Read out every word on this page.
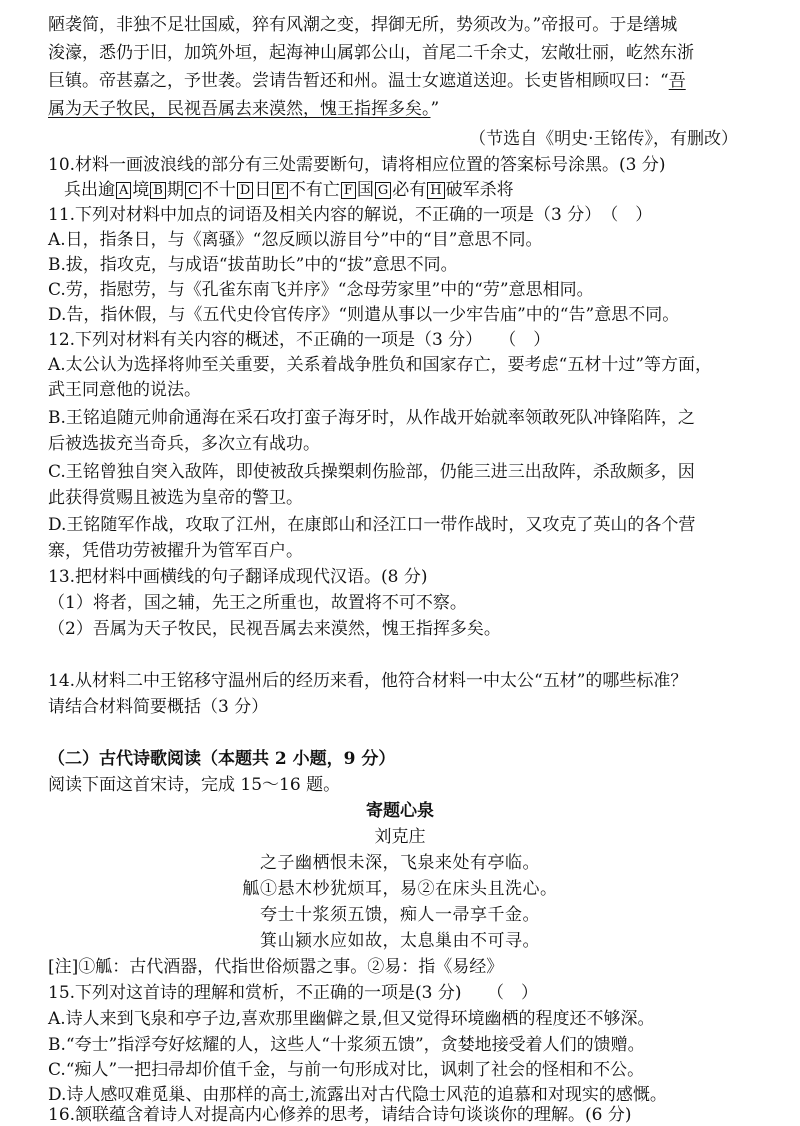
陋袭简，非独不足壮国威，猝有风潮之变，捍御无所，势须改为。”帝报可。于是缮城
浚濠，悉仍于旧，加筑外垣，起海神山属郭公山，首尾二千余丈，宏敞壮丽，屹然东浙
巨镇。帝甚嘉之，予世袭。尝请告暂还和州。温士女遮道送迎。长吏皆相顾叹曰：“吾
属为天子牧民，民视吾属去来漠然，愧王指挥多矣。”
（节选自《明史·王铭传》，有删改）
10.材料一画波浪线的部分有三处需要断句，请将相应位置的答案标号涂黑。(3 分)
兵出逾 A 境 B 期 C 不十 D 日 E 不有亡 F 国 G 必有 H 破军杀将
11.下列对材料中加点的词语及相关内容的解说，不正确的一项是（3 分）　（　）
A.日，指条日，与《离骚》“忽反顾以游目兮”中的“目”意思不同。
B.拔，指攻克，与成语“拔苗助长”中的“拔”意思不同。
C.劳，指慰劳，与《孔雀东南飞并序》“念母劳家里”中的“劳”意思相同。
D.告，指休假，与《五代史伶官传序》“则遣从事以一少牢告庙”中的“告”意思不同。
12.下列对材料有关内容的概述，不正确的一项是（3 分）　　（　）
A.太公认为选择将帅至关重要，关系着战争胜负和国家存亡，要考虑“五材十过”等方面，
武王同意他的说法。
B.王铭追随元帅俞通海在采石攻打蛮子海牙时，从作战开始就率领敢死队冲锋陷阵，之
后被选拔充当奇兵，多次立有战功。
C.王铭曾独自突入敌阵，即使被敌兵操槊刺伤脸部，仍能三进三出敌阵，杀敌颇多，因
此获得赏赐且被选为皇帝的警卫。
D.王铭随军作战，攻取了江州，在康郎山和泾江口一带作战时，又攻克了英山的各个营
寨，凭借功劳被擢升为管军百户。
13.把材料中画横线的句子翻译成现代汉语。(8 分)
（1）将者，国之辅，先王之所重也，故置将不可不察。
（2）吾属为天子牧民，民视吾属去来漠然，愧王指挥多矣。
14.从材料二中王铭移守温州后的经历来看，他符合材料一中太公“五材”的哪些标准？
请结合材料简要概括（3 分）
（二）古代诗歌阅读（本题共 2 小题，9 分）
阅读下面这首宋诗，完成 15～16 题。
寄题心泉
刘克庄
之子幽栖恨未深，飞泉来处有亭临。
觚①悬木杪犹烦耳，易②在床头且洗心。
夸士十浆须五馈，痴人一帚享千金。
箕山颍水应如故，太息巢由不可寻。
[注]①觚：古代酒器，代指世俗烦嚣之事。②易：指《易经》
15.下列对这首诗的理解和赏析，不正确的一项是(3 分)　　（　）
A.诗人来到飞泉和亭子边,喜欢那里幽僻之景,但又觉得环境幽栖的程度还不够深。
B.“夸士”指浮夸好炫耀的人，这些人“十浆须五馈”，贪婪地接受着人们的馈赠。
C.“痴人”一把扫帚却价值千金，与前一句形成对比，讽刺了社会的怪相和不公。
D.诗人感叹难觅巢、由那样的高士,流露出对古代隐士风范的追慕和对现实的感慨。
16.颔联蕴含着诗人对提高内心修养的思考，请结合诗句谈谈你的理解。(6 分)
